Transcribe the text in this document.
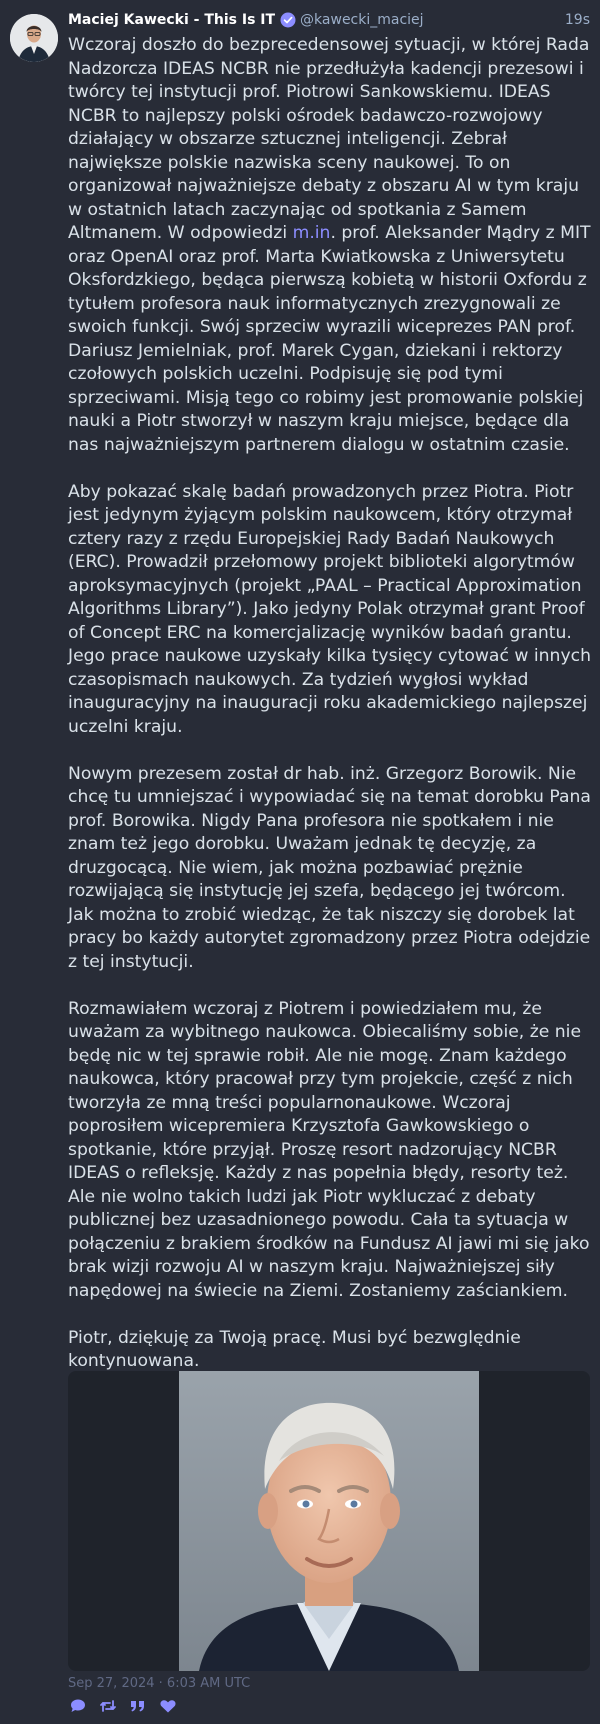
Maciej Kawecki - This Is IT @kawecki_maciej	19s

Wczoraj doszło do bezprecedensowej sytuacji, w której Rada Nadzorcza IDEAS NCBR nie przedłużyła kadencji prezesowi i twórcy tej instytucji prof. Piotrowi Sankowskiemu. IDEAS NCBR to najlepszy polski ośrodek badawczo-rozwojowy działający w obszarze sztucznej inteligencji. Zebrał największe polskie nazwiska sceny naukowej. To on organizował najważniejsze debaty z obszaru AI w tym kraju w ostatnich latach zaczynając od spotkania z Samem Altmanem. W odpowiedzi m.in. prof. Aleksander Mądry z MIT oraz OpenAI oraz prof. Marta Kwiatkowska z Uniwersytetu Oksfordzkiego, będąca pierwszą kobietą w historii Oxfordu z tytułem profesora nauk informatycznych zrezygnowali ze swoich funkcji. Swój sprzeciw wyrazili wiceprezes PAN prof. Dariusz Jemielniak, prof. Marek Cygan, dziekani i rektorzy czołowych polskich uczelni. Podpisuję się pod tymi sprzeciwami. Misją tego co robimy jest promowanie polskiej nauki a Piotr stworzył w naszym kraju miejsce, będące dla nas najważniejszym partnerem dialogu w ostatnim czasie.

Aby pokazać skalę badań prowadzonych przez Piotra. Piotr jest jedynym żyjącym polskim naukowcem, który otrzymał cztery razy z rzędu Europejskiej Rady Badań Naukowych (ERC). Prowadził przełomowy projekt biblioteki algorytmów aproksymacyjnych (projekt „PAAL – Practical Approximation Algorithms Library”). Jako jedyny Polak otrzymał grant Proof of Concept ERC na komercjalizację wyników badań grantu. Jego prace naukowe uzyskały kilka tysięcy cytować w innych czasopismach naukowych. Za tydzień wygłosi wykład inauguracyjny na inauguracji roku akademickiego najlepszej uczelni kraju.

Nowym prezesem został dr hab. inż. Grzegorz Borowik. Nie chcę tu umniejszać i wypowiadać się na temat dorobku Pana prof. Borowika. Nigdy Pana profesora nie spotkałem i nie znam też jego dorobku. Uważam jednak tę decyzję, za druzgocącą. Nie wiem, jak można pozbawiać prężnie rozwijającą się instytucję jej szefa, będącego jej twórcom. Jak można to zrobić wiedząc, że tak niszczy się dorobek lat pracy bo każdy autorytet zgromadzony przez Piotra odejdzie z tej instytucji.

Rozmawiałem wczoraj z Piotrem i powiedziałem mu, że uważam za wybitnego naukowca. Obiecaliśmy sobie, że nie będę nic w tej sprawie robił. Ale nie mogę. Znam każdego naukowca, który pracował przy tym projekcie, część z nich tworzyła ze mną treści popularnonaukowe. Wczoraj poprosiłem wicepremiera Krzysztofa Gawkowskiego o spotkanie, które przyjął. Proszę resort nadzorujący NCBR IDEAS o refleksję. Każdy z nas popełnia błędy, resorty też. Ale nie wolno takich ludzi jak Piotr wykluczać z debaty publicznej bez uzasadnionego powodu. Cała ta sytuacja w połączeniu z brakiem środków na Fundusz AI jawi mi się jako brak wizji rozwoju AI w naszym kraju. Najważniejszej siły napędowej na świecie na Ziemi. Zostaniemy zaściankiem.

Piotr, dziękuję za Twoją pracę. Musi być bezwględnie kontynuowana.

Sep 27, 2024 · 6:03 AM UTC
